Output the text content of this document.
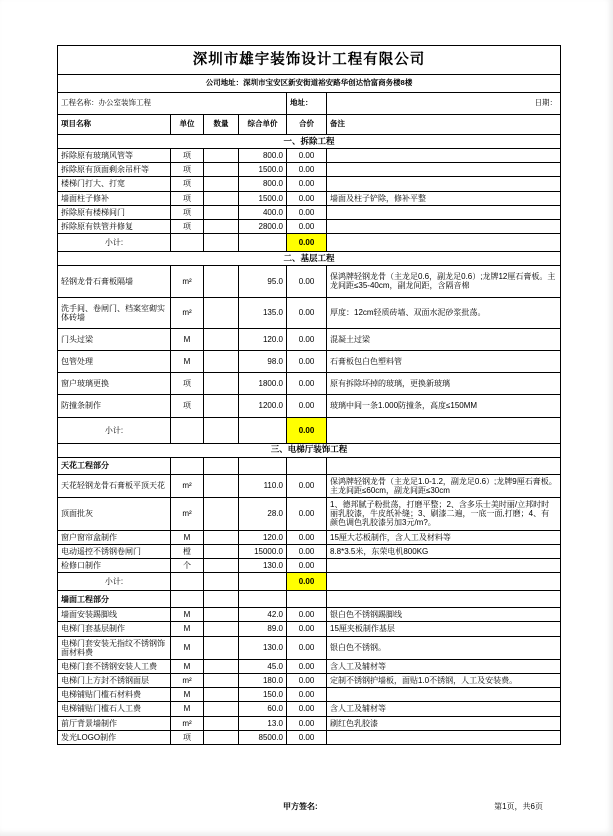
深圳市雄宇装饰设计工程有限公司					
公司地址：深圳市宝安区新安街道裕安路华创达恰富商务楼8楼					
工程名称：办公室装饰工程				地址：	日期：
项目名称	单位	数量	综合单价	合价	备注
一、拆除工程					
拆除原有玻璃风管等	项		800.0	0.00	
拆除原有顶面剩余吊杆等	项		1500.0	0.00	
楼梯门打大、打宽	项		800.0	0.00	
墙面柱子修补	项		1500.0	0.00	墙面及柱子铲除，修补平整
拆除原有楼梯间门	项		400.0	0.00	
拆除原有铁管并修复	项		2800.0	0.00	
小计:				0.00	
二、基层工程					
轻钢龙骨石膏板隔墙	m²		95.0	0.00	保鸿牌轻钢龙骨（主龙足0.6，副龙足0.6）;龙牌12厘石膏板。主龙间距≤35-40cm，副龙间距，含隔音棉
洗手间、卷闸门、档案室砌实体砖墙	m²		135.0	0.00	厚度：12cm轻质砖墙、双面水泥砂浆批荡。
门头过梁	M		120.0	0.00	混凝土过梁
包管处理	M		98.0	0.00	石膏板包白色塑料管
窗户玻璃更换	项		1800.0	0.00	原有拆除坏掉的玻璃，更换新玻璃
防撞条制作	项		1200.0	0.00	玻璃中间一条1.000防撞条，高度≤150MM
小计:				0.00	
三、电梯厅装饰工程					
天花工程部分					
天花轻钢龙骨石膏板平顶天花	m²		110.0	0.00	保鸿牌轻钢龙骨（主龙足1.0-1.2，副龙足0.6）;龙牌9厘石膏板。主龙间距≤60cm，副龙间距≤30cm
顶面批灰	m²		28.0	0.00	1、德邦腻子粉批荡，打磨平整；2、含多乐士美时丽/立邦时时丽乳胶漆，牛皮纸补缝；3、刷漆二遍，一底一面,打磨；4、有颜色调色乳胶漆另加3元/m?。
窗户窗帘盒制作	M		120.0	0.00	15厘大芯板制作，含人工及材料等
电动遥控不锈钢卷闸门	樘		15000.0	0.00	8.8*3.5米，东荣电机800KG
检修口制作	个		130.0	0.00	
小计:				0.00	
墙面工程部分					
墙面安装踢脚线	M		42.0	0.00	银白色不锈钢踢脚线
电梯门套基层制作	M		89.0	0.00	15厘夹板制作基层
电梯门套安装无指纹不锈钢饰面材料费	M		130.0	0.00	银白色不锈钢。
电梯门套不锈钢安装人工费	M		45.0	0.00	含人工及辅材等
电梯门上方封不锈钢面层	m²		180.0	0.00	定制不锈钢护墙板，面贴1.0不锈钢，人工及安装费。
电梯铺贴门槛石材料费	M		150.0	0.00	
电梯铺贴门槛石人工费	M		60.0	0.00	含人工及辅材等
前厅背景墙制作	m²		13.0	0.00	刷红色乳胶漆
发光LOGO制作	项		8500.0	0.00	
甲方签名:	第1页，共6页
